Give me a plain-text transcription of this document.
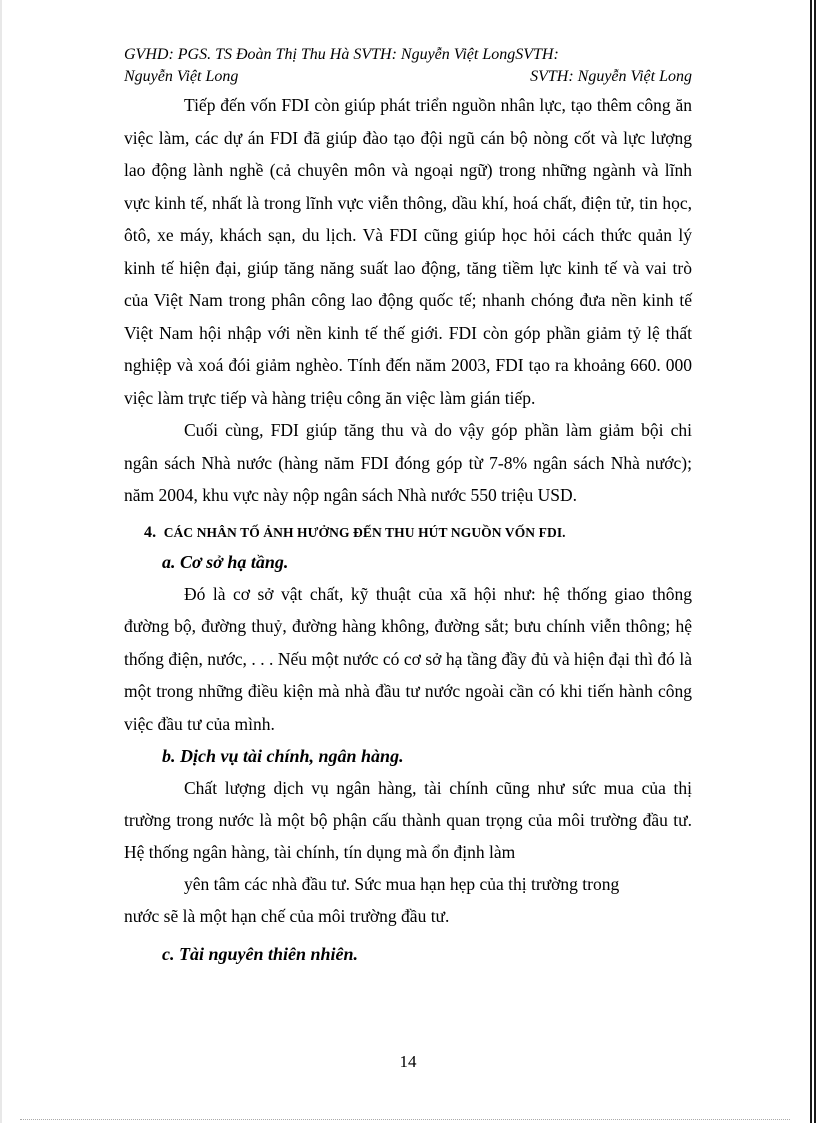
GVHD: PGS. TS Đoàn Thị Thu Hà SVTH: Nguyễn Việt LongSVTH:
Nguyễn Việt Long	SVTH: Nguyễn Việt Long

Tiếp đến vốn FDI còn giúp phát triển nguồn nhân lực, tạo thêm công ăn việc làm, các dự án FDI đã giúp đào tạo đội ngũ cán bộ nòng cốt và lực lượng lao động lành nghề (cả chuyên môn và ngoại ngữ) trong những ngành và lĩnh vực kinh tế, nhất là trong lĩnh vực viễn thông, dầu khí, hoá chất, điện tử, tin học, ôtô, xe máy, khách sạn, du lịch. Và FDI cũng giúp học hỏi cách thức quản lý kinh tế hiện đại, giúp tăng năng suất lao động, tăng tiềm lực kinh tế và vai trò của Việt Nam trong phân công lao động quốc tế; nhanh chóng đưa nền kinh tế Việt Nam hội nhập với nền kinh tế thế giới. FDI còn góp phần giảm tỷ lệ thất nghiệp và xoá đói giảm nghèo. Tính đến năm 2003, FDI tạo ra khoảng 660. 000 việc làm trực tiếp và hàng triệu công ăn việc làm gián tiếp.

Cuối cùng, FDI giúp tăng thu và do vậy góp phần làm giảm bội chi ngân sách Nhà nước (hàng năm FDI đóng góp từ 7-8% ngân sách Nhà nước); năm 2004, khu vực này nộp ngân sách Nhà nước 550 triệu USD.

4. CÁC NHÂN TỐ ẢNH HƯỞNG ĐẾN THU HÚT NGUỒN VỐN FDI.
a. Cơ sở hạ tầng.

Đó là cơ sở vật chất, kỹ thuật của xã hội như: hệ thống giao thông đường bộ, đường thuỷ, đường hàng không, đường sắt; bưu chính viễn thông; hệ thống điện, nước, . . . Nếu một nước có cơ sở hạ tầng đầy đủ và hiện đại thì đó là một trong những điều kiện mà nhà đầu tư nước ngoài cần có khi tiến hành công việc đầu tư của mình.

b. Dịch vụ tài chính, ngân hàng.

Chất lượng dịch vụ ngân hàng, tài chính cũng như sức mua của thị trường trong nước là một bộ phận cấu thành quan trọng của môi trường đầu tư. Hệ thống ngân hàng, tài chính, tín dụng mà ổn định làm

yên tâm các nhà đầu tư. Sức mua hạn hẹp của thị trường trong
nước sẽ là một hạn chế của môi trường đầu tư.
c. Tài nguyên thiên nhiên.
14
